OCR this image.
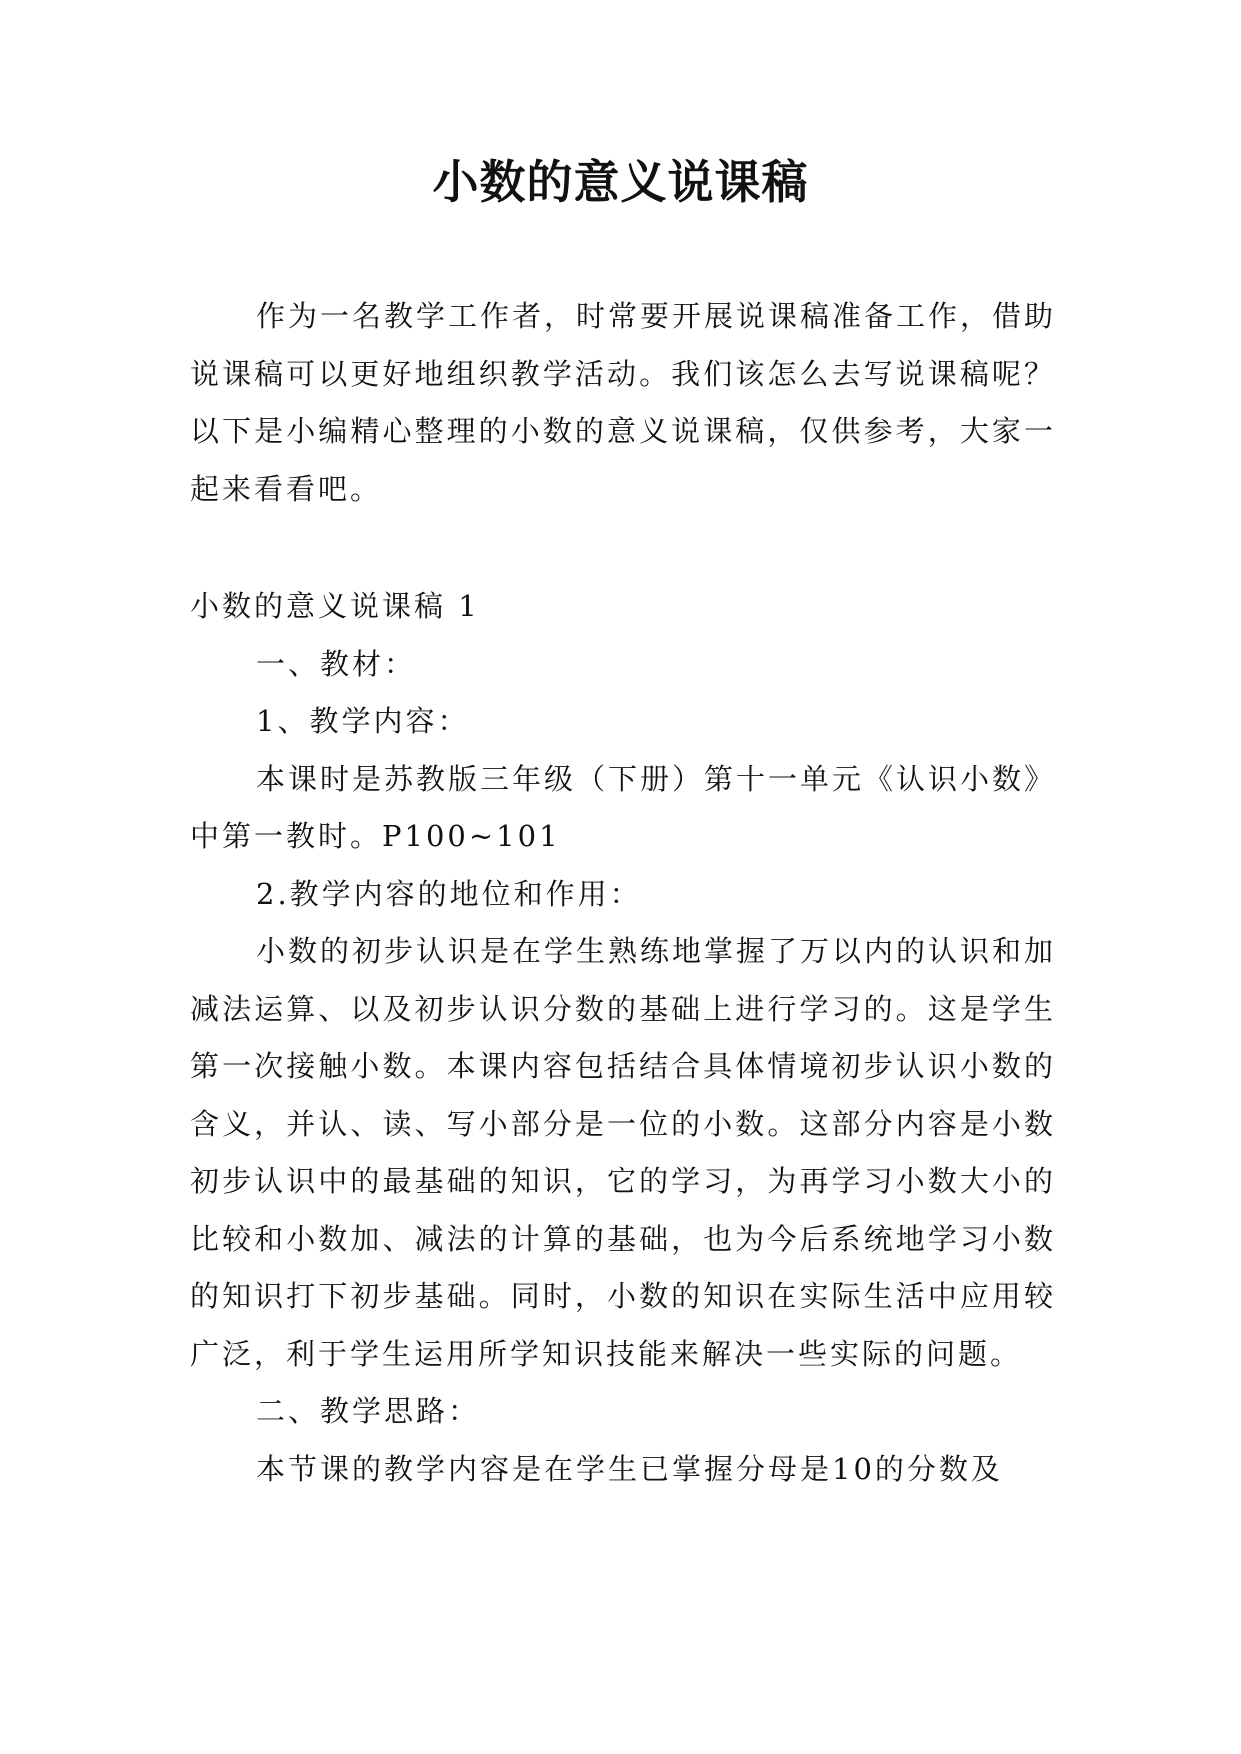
小数的意义说课稿
作为一名教学工作者，时常要开展说课稿准备工作，借助说课稿可以更好地组织教学活动。我们该怎么去写说课稿呢？以下是小编精心整理的小数的意义说课稿，仅供参考，大家一起来看看吧。

小数的意义说课稿 1

一、教材：

1、教学内容：

本课时是苏教版三年级（下册）第十一单元《认识小数》中第一教时。P100~101

2.教学内容的地位和作用：

小数的初步认识是在学生熟练地掌握了万以内的认识和加减法运算、以及初步认识分数的基础上进行学习的。这是学生第一次接触小数。本课内容包括结合具体情境初步认识小数的含义，并认、读、写小部分是一位的小数。这部分内容是小数初步认识中的最基础的知识，它的学习，为再学习小数大小的比较和小数加、减法的计算的基础，也为今后系统地学习小数的知识打下初步基础。同时，小数的知识在实际生活中应用较广泛，利于学生运用所学知识技能来解决一些实际的问题。

二、教学思路：

本节课的教学内容是在学生已掌握分母是10的分数及
